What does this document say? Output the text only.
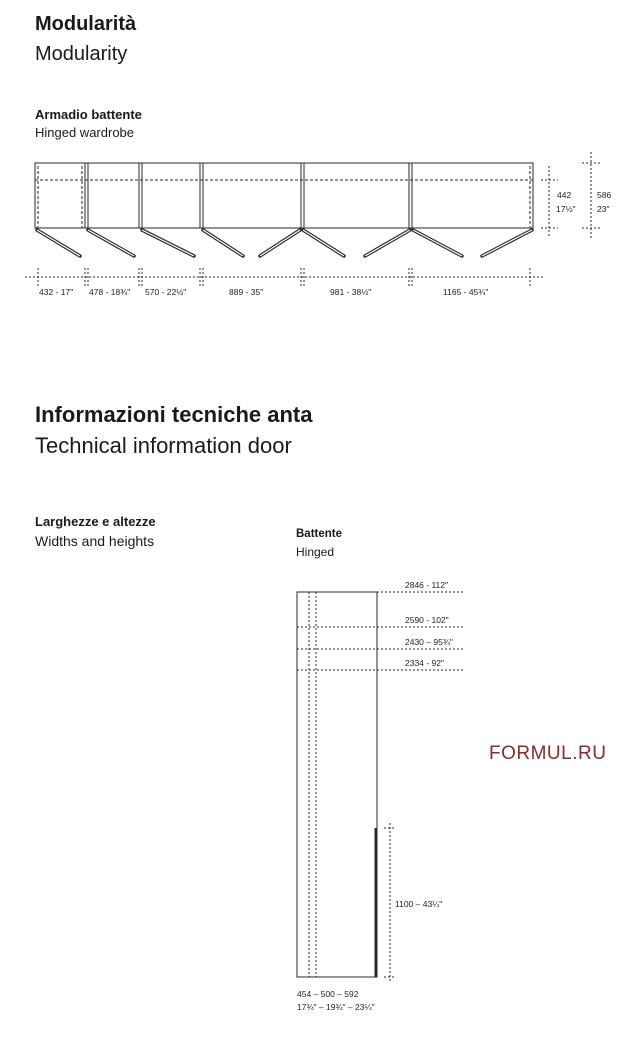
Modularità
Modularity
Armadio battente
Hinged wardrobe
432 - 17" 478 - 18¾" 570 - 22½"	889 - 35"	981 - 38½"	1165 - 45¾"
442
17½"
586
23"
Informazioni tecniche anta
Technical information door
Larghezze e altezze
Widths and heights	Battente
Hinged
2846 - 112"
2590 - 102"
2430 – 95¾"
2334 - 92"
1100 – 43¼"
454 – 500 – 592
17¾" – 19¾" – 23¼"
FORMUL.RU
